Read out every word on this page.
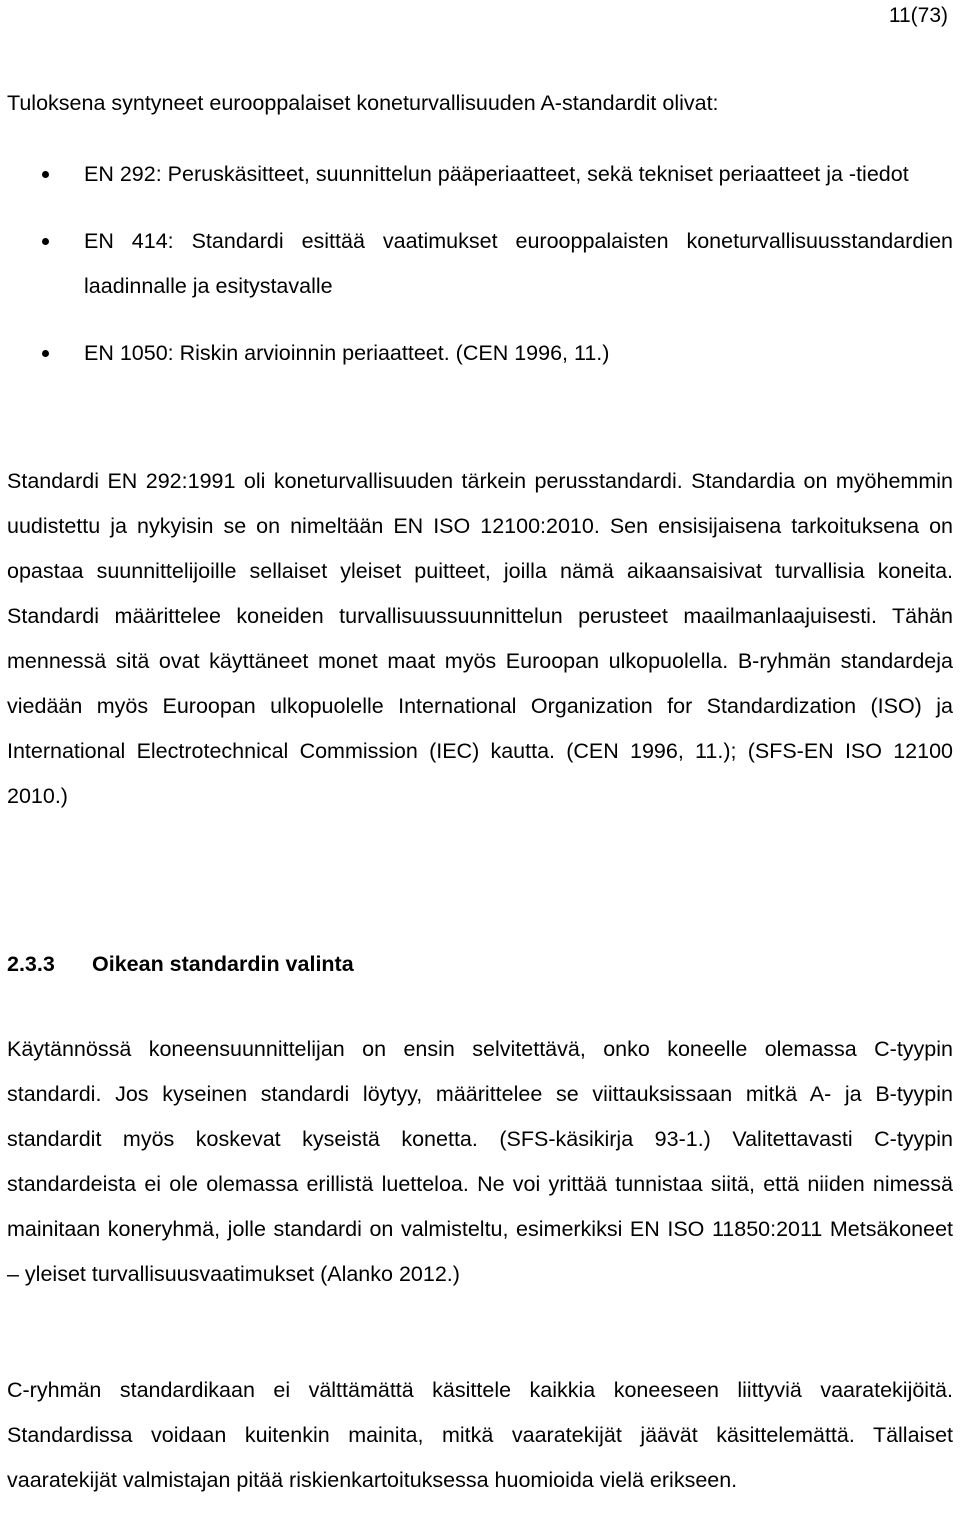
11(73)

Tuloksena syntyneet eurooppalaiset koneturvallisuuden A-standardit olivat:

EN 292: Peruskäsitteet, suunnittelun pääperiaatteet, sekä tekniset periaatteet ja -tiedot
EN 414: Standardi esittää vaatimukset eurooppalaisten koneturvallisuusstandardien laadinnalle ja esitystavalle
EN 1050: Riskin arvioinnin periaatteet. (CEN 1996, 11.)

Standardi EN 292:1991 oli koneturvallisuuden tärkein perusstandardi. Standardia on myöhemmin uudistettu ja nykyisin se on nimeltään EN ISO 12100:2010. Sen ensisijaisena tarkoituksena on opastaa suunnittelijoille sellaiset yleiset puitteet, joilla nämä aikaansaisivat turvallisia koneita. Standardi määrittelee koneiden turvallisuussuunnittelun perusteet maailmanlaajuisesti. Tähän mennessä sitä ovat käyttäneet monet maat myös Euroopan ulkopuolella. B-ryhmän standardeja viedään myös Euroopan ulkopuolelle International Organization for Standardization (ISO) ja International Electrotechnical Commission (IEC) kautta. (CEN 1996, 11.); (SFS-EN ISO 12100 2010.)

2.3.3 Oikean standardin valinta

Käytännössä koneensuunnittelijan on ensin selvitettävä, onko koneelle olemassa C-tyypin standardi. Jos kyseinen standardi löytyy, määrittelee se viittauksissaan mitkä A- ja B-tyypin standardit myös koskevat kyseistä konetta. (SFS-käsikirja 93-1.) Valitettavasti C-tyypin standardeista ei ole olemassa erillistä luetteloa. Ne voi yrittää tunnistaa siitä, että niiden nimessä mainitaan koneryhmä, jolle standardi on valmisteltu, esimerkiksi EN ISO 11850:2011 Metsäkoneet – yleiset turvallisuusvaatimukset (Alanko 2012.)

C-ryhmän standardikaan ei välttämättä käsittele kaikkia koneeseen liittyviä vaaratekijöitä. Standardissa voidaan kuitenkin mainita, mitkä vaaratekijät jäävät käsittelemättä. Tällaiset vaaratekijät valmistajan pitää riskienkartoituksessa huomioida vielä erikseen.
